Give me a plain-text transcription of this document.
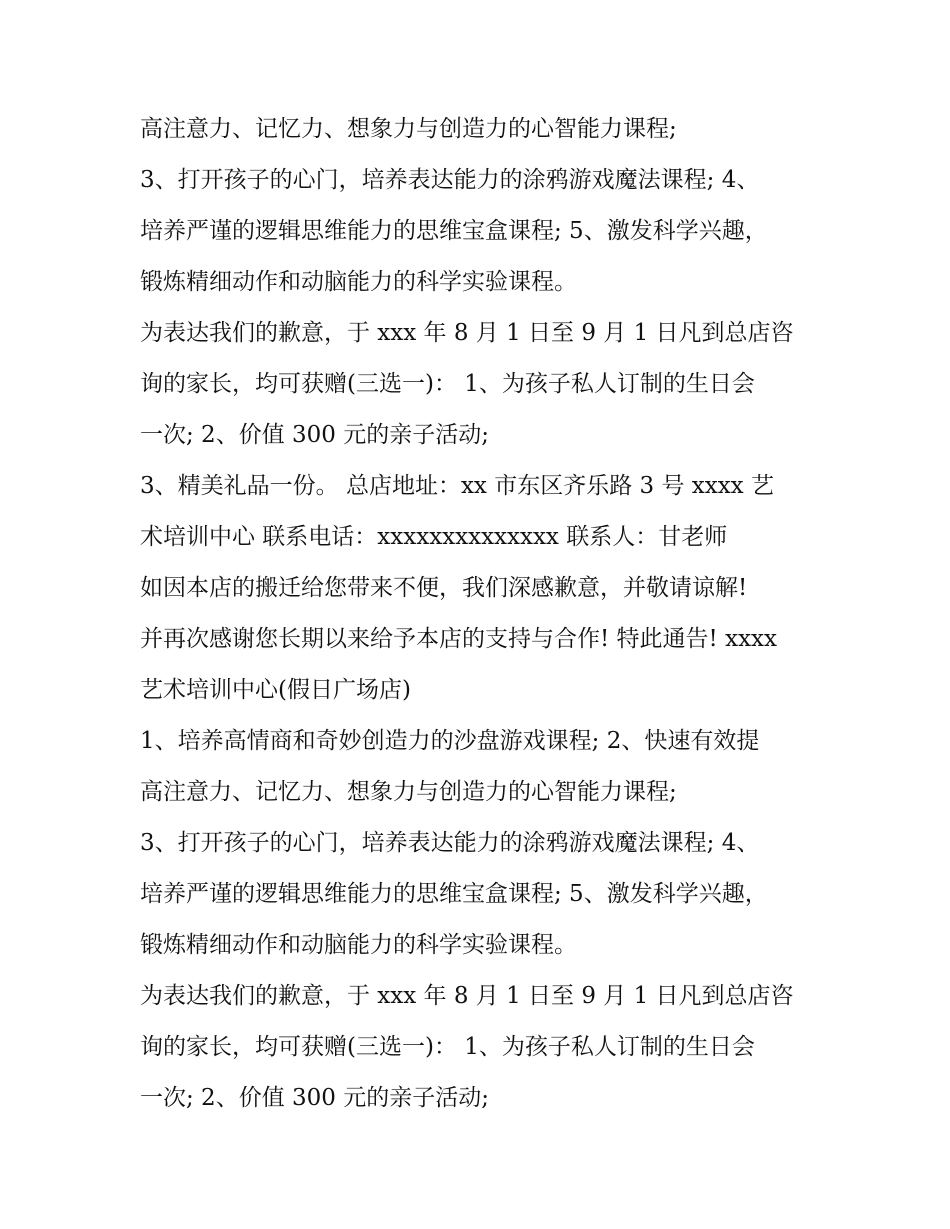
高注意力、记忆力、想象力与创造力的心智能力课程;
3、打开孩子的心门，培养表达能力的涂鸦游戏魔法课程; 4、
培养严谨的逻辑思维能力的思维宝盒课程; 5、激发科学兴趣，
锻炼精细动作和动脑能力的科学实验课程。
为表达我们的歉意，于 xxx 年 8 月 1 日至 9 月 1 日凡到总店咨
询的家长，均可获赠(三选一)： 1、为孩子私人订制的生日会
一次; 2、价值 300 元的亲子活动;
3、精美礼品一份。 总店地址：xx 市东区齐乐路 3 号 xxxx 艺
术培训中心 联系电话：xxxxxxxxxxxxxx 联系人：甘老师
如因本店的搬迁给您带来不便，我们深感歉意，并敬请谅解!
并再次感谢您长期以来给予本店的支持与合作! 特此通告! xxxx
艺术培训中心(假日广场店)
1、培养高情商和奇妙创造力的沙盘游戏课程; 2、快速有效提
高注意力、记忆力、想象力与创造力的心智能力课程;
3、打开孩子的心门，培养表达能力的涂鸦游戏魔法课程; 4、
培养严谨的逻辑思维能力的思维宝盒课程; 5、激发科学兴趣，
锻炼精细动作和动脑能力的科学实验课程。
为表达我们的歉意，于 xxx 年 8 月 1 日至 9 月 1 日凡到总店咨
询的家长，均可获赠(三选一)： 1、为孩子私人订制的生日会
一次; 2、价值 300 元的亲子活动;
